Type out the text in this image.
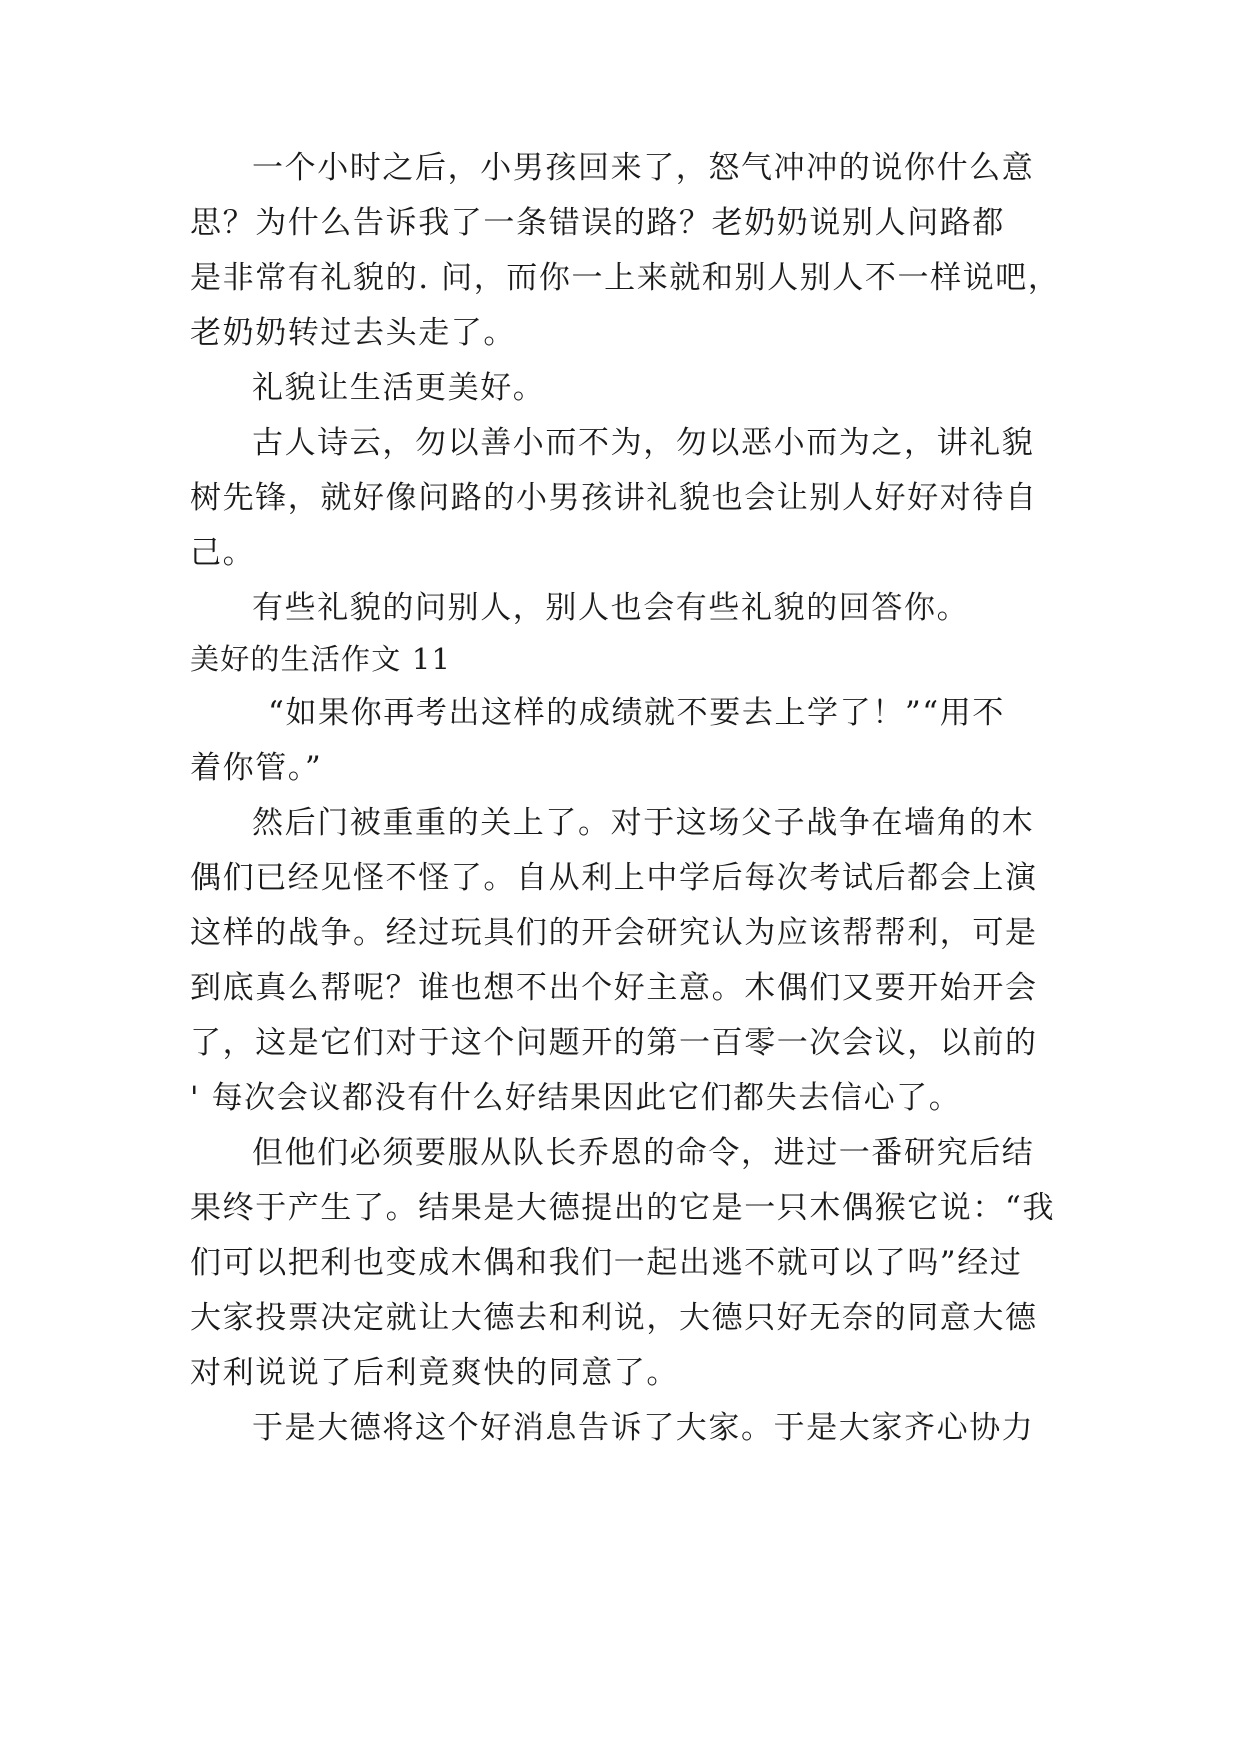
一个小时之后，小男孩回来了，怒气冲冲的说你什么意
思？为什么告诉我了一条错误的路？老奶奶说别人问路都
是非常有礼貌的. 问，而你一上来就和别人别人不一样说吧，
老奶奶转过去头走了。
礼貌让生活更美好。
古人诗云，勿以善小而不为，勿以恶小而为之，讲礼貌
树先锋，就好像问路的小男孩讲礼貌也会让别人好好对待自
己。
有些礼貌的问别人，别人也会有些礼貌的回答你。
美好的生活作文 11
“如果你再考出这样的成绩就不要去上学了！”“用不
着你管。”
然后门被重重的关上了。对于这场父子战争在墙角的木
偶们已经见怪不怪了。自从利上中学后每次考试后都会上演
这样的战争。经过玩具们的开会研究认为应该帮帮利，可是
到底真么帮呢？谁也想不出个好主意。木偶们又要开始开会
了，这是它们对于这个问题开的第一百零一次会议，以前的
' 每次会议都没有什么好结果因此它们都失去信心了。
但他们必须要服从队长乔恩的命令，进过一番研究后结
果终于产生了。结果是大德提出的它是一只木偶猴它说：“我
们可以把利也变成木偶和我们一起出逃不就可以了吗”经过
大家投票决定就让大德去和利说，大德只好无奈的同意大德
对利说说了后利竟爽快的同意了。
于是大德将这个好消息告诉了大家。于是大家齐心协力
